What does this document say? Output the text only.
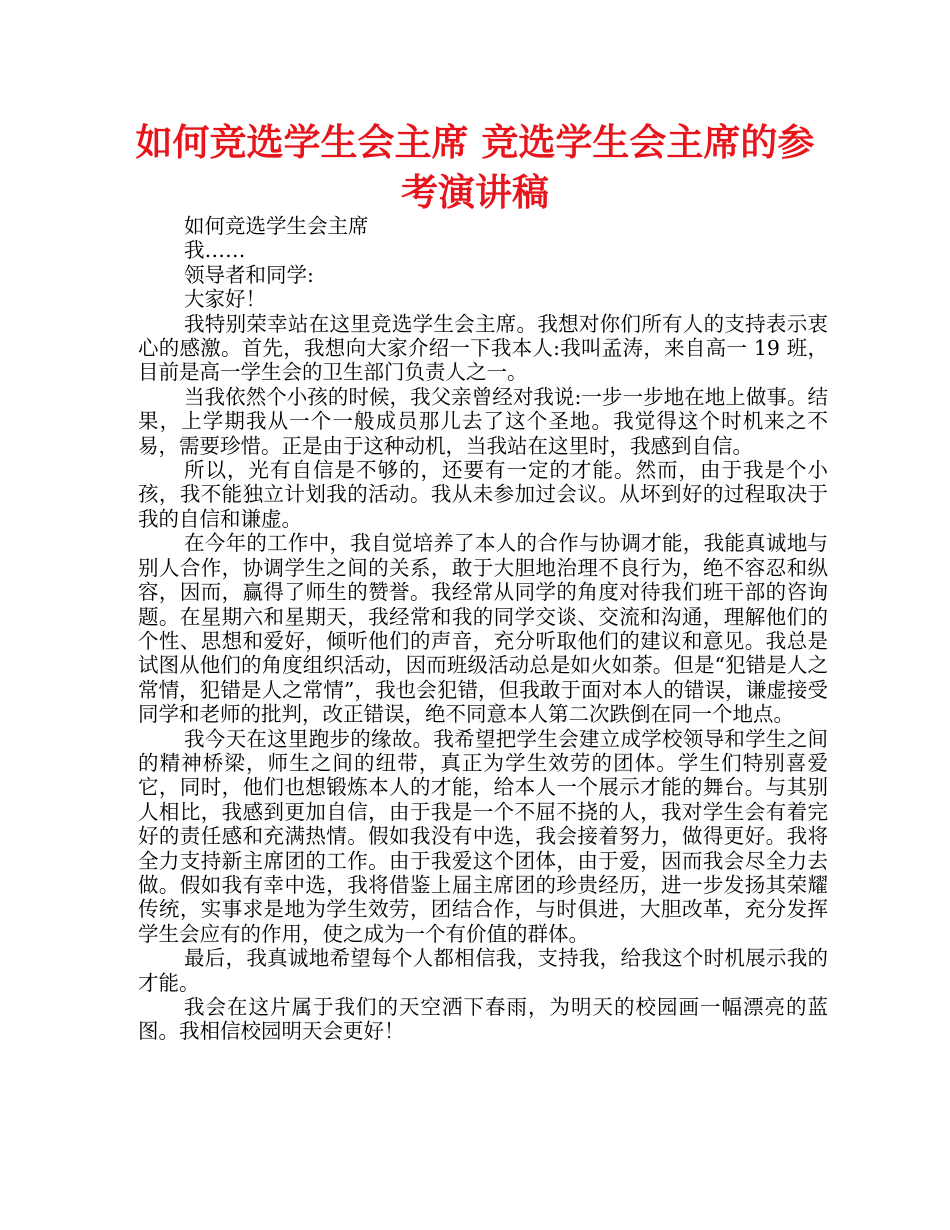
如何竞选学生会主席 竞选学生会主席的参考演讲稿

如何竞选学生会主席

我……

领导者和同学:

大家好！

我特别荣幸站在这里竞选学生会主席。我想对你们所有人的支持表示衷心的感激。首先，我想向大家介绍一下我本人:我叫孟涛，来自高一 19 班，目前是高一学生会的卫生部门负责人之一。

当我依然个小孩的时候，我父亲曾经对我说:一步一步地在地上做事。结果，上学期我从一个一般成员那儿去了这个圣地。我觉得这个时机来之不易，需要珍惜。正是由于这种动机，当我站在这里时，我感到自信。

所以，光有自信是不够的，还要有一定的才能。然而，由于我是个小孩，我不能独立计划我的活动。我从未参加过会议。从坏到好的过程取决于我的自信和谦虚。

在今年的工作中，我自觉培养了本人的合作与协调才能，我能真诚地与别人合作，协调学生之间的关系，敢于大胆地治理不良行为，绝不容忍和纵容，因而，赢得了师生的赞誉。我经常从同学的角度对待我们班干部的咨询题。在星期六和星期天，我经常和我的同学交谈、交流和沟通，理解他们的个性、思想和爱好，倾听他们的声音，充分听取他们的建议和意见。我总是试图从他们的角度组织活动，因而班级活动总是如火如荼。但是“犯错是人之常情，犯错是人之常情”，我也会犯错，但我敢于面对本人的错误，谦虚接受同学和老师的批判，改正错误，绝不同意本人第二次跌倒在同一个地点。

我今天在这里跑步的缘故。我希望把学生会建立成学校领导和学生之间的精神桥梁，师生之间的纽带，真正为学生效劳的团体。学生们特别喜爱它，同时，他们也想锻炼本人的才能，给本人一个展示才能的舞台。与其别人相比，我感到更加自信，由于我是一个不屈不挠的人，我对学生会有着完好的责任感和充满热情。假如我没有中选，我会接着努力，做得更好。我将全力支持新主席团的工作。由于我爱这个团体，由于爱，因而我会尽全力去做。假如我有幸中选，我将借鉴上届主席团的珍贵经历，进一步发扬其荣耀传统，实事求是地为学生效劳，团结合作，与时俱进，大胆改革，充分发挥学生会应有的作用，使之成为一个有价值的群体。

最后，我真诚地希望每个人都相信我，支持我，给我这个时机展示我的才能。

我会在这片属于我们的天空洒下春雨，为明天的校园画一幅漂亮的蓝图。我相信校园明天会更好！
